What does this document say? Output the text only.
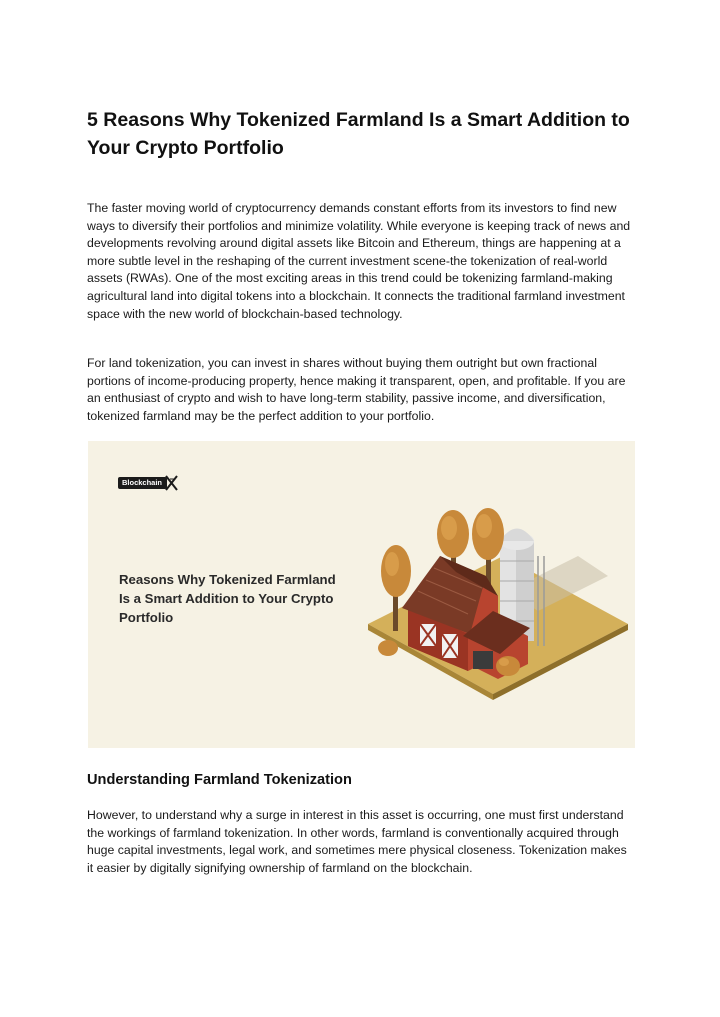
5 Reasons Why Tokenized Farmland Is a Smart Addition to Your Crypto Portfolio

The faster moving world of cryptocurrency demands constant efforts from its investors to find new ways to diversify their portfolios and minimize volatility. While everyone is keeping track of news and developments revolving around digital assets like Bitcoin and Ethereum, things are happening at a more subtle level in the reshaping of the current investment scene-the tokenization of real-world assets (RWAs). One of the most exciting areas in this trend could be tokenizing farmland-making agricultural land into digital tokens into a blockchain. It connects the traditional farmland investment space with the new world of blockchain-based technology.

For land tokenization, you can invest in shares without buying them outright but own fractional portions of income-producing property, hence making it transparent, open, and profitable. If you are an enthusiast of crypto and wish to have long-term stability, passive income, and diversification, tokenized farmland may be the perfect addition to your portfolio.

Blockchain
Reasons Why Tokenized Farmland
Is a Smart Addition to Your Crypto
Portfolio
Understanding Farmland Tokenization

However, to understand why a surge in interest in this asset is occurring, one must first understand the workings of farmland tokenization. In other words, farmland is conventionally acquired through huge capital investments, legal work, and sometimes mere physical closeness. Tokenization makes it easier by digitally signifying ownership of farmland on the blockchain.
